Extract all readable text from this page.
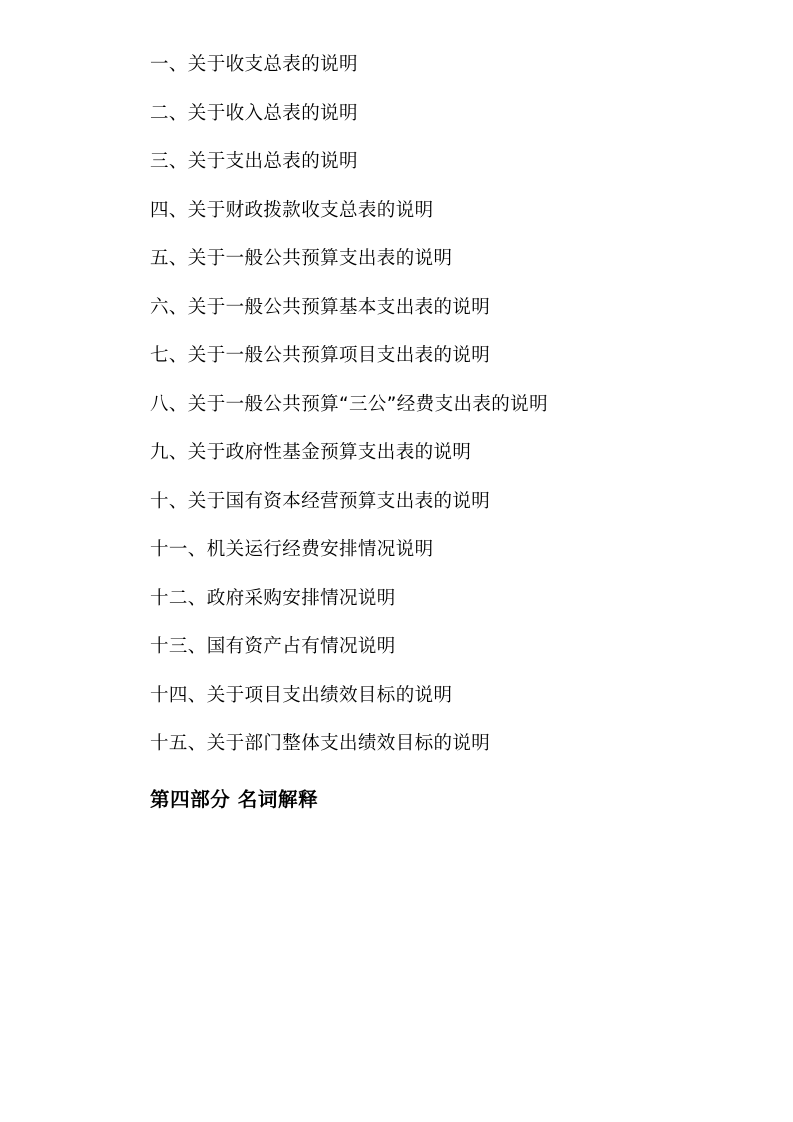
一、关于收支总表的说明
二、关于收入总表的说明
三、关于支出总表的说明
四、关于财政拨款收支总表的说明
五、关于一般公共预算支出表的说明
六、关于一般公共预算基本支出表的说明
七、关于一般公共预算项目支出表的说明
八、关于一般公共预算“三公”经费支出表的说明
九、关于政府性基金预算支出表的说明
十、关于国有资本经营预算支出表的说明
十一、机关运行经费安排情况说明
十二、政府采购安排情况说明
十三、国有资产占有情况说明
十四、关于项目支出绩效目标的说明
十五、关于部门整体支出绩效目标的说明
第四部分 名词解释
